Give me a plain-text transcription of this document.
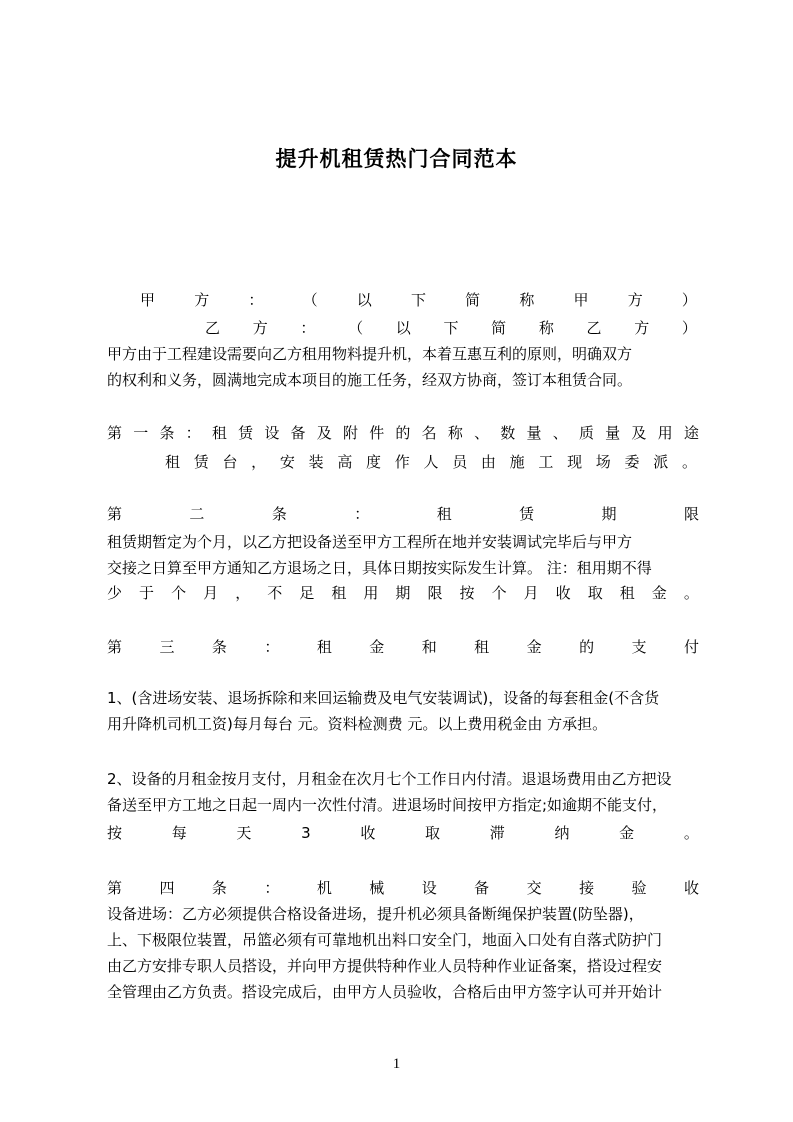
提升机租赁热门合同范本
甲	方	：	（	以	下	简	称	甲	方	）
乙 方 ： （ 以 下 简 称 乙 方 ）
甲方由于工程建设需要向乙方租用物料提升机，本着互惠互利的原则，明确双方
的权利和义务，圆满地完成本项目的施工任务，经双方协商，签订本租赁合同。
第 一 条 ： 租 赁 设 备 及 附 件 的 名 称 、 数 量 、 质 量 及 用 途
租 赁 台 ， 安 装 高 度 作 人 员 由 施 工 现 场 委 派 。
第	二	条	：	租	赁	期	限
租赁期暂定为个月，以乙方把设备送至甲方工程所在地并安装调试完毕后与甲方
交接之日算至甲方通知乙方退场之日，具体日期按实际发生计算。 注：租用期不得
少 于 个 月 ， 不 足 租 用 期 限 按 个 月 收 取 租 金 。
第 三 条 ： 租 金 和 租 金 的 支 付
1、(含进场安装、退场拆除和来回运输费及电气安装调试)，设备的每套租金(不含货
用升降机司机工资)每月每台 元。资料检测费 元。以上费用税金由 方承担。
2、设备的月租金按月支付，月租金在次月七个工作日内付清。退退场费用由乙方把设
备送至甲方工地之日起一周内一次性付清。进退场时间按甲方指定;如逾期不能支付，
按	每	天	3	收	取	滞	纳	金	。
第 四 条 ： 机 械 设 备 交 接 验 收
设备进场：乙方必须提供合格设备进场，提升机必须具备断绳保护装置(防坠器)，
上、下极限位装置，吊篮必须有可靠地机出料口安全门，地面入口处有自落式防护门
由乙方安排专职人员搭设，并向甲方提供特种作业人员特种作业证备案，搭设过程安
全管理由乙方负责。搭设完成后，由甲方人员验收，合格后由甲方签字认可并开始计
1
